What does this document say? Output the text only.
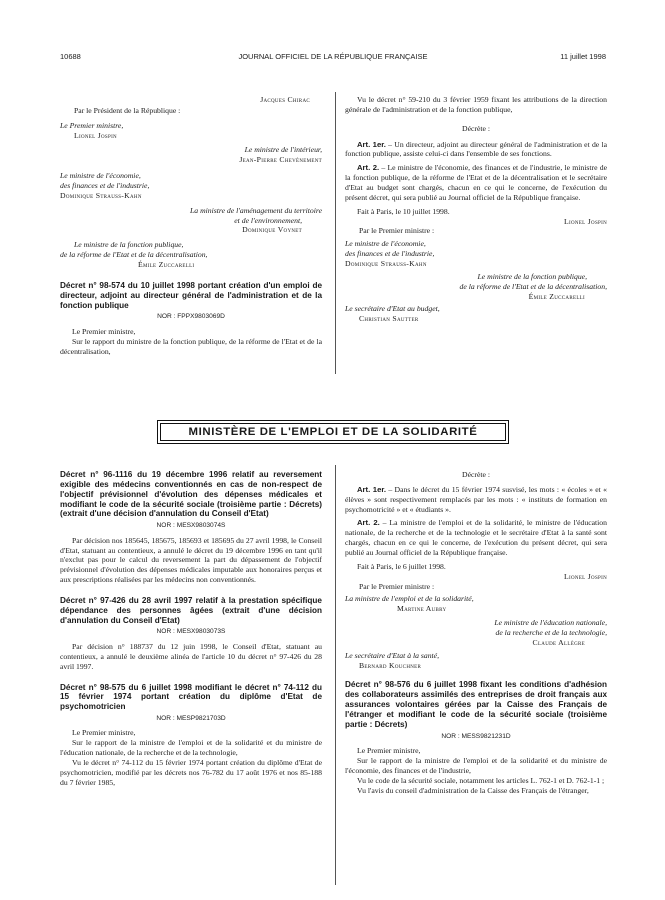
10688	JOURNAL OFFICIEL DE LA RÉPUBLIQUE FRANÇAISE	11 juillet 1998

Jacques Chirac

Par le Président de la République :

Le Premier ministre,

Lionel Jospin

Le ministre de l'intérieur,

Jean-Pierre Chevènement

Le ministre de l'économie,

des finances et de l'industrie,

Dominique Strauss-Kahn

La ministre de l'aménagement du territoire

et de l'environnement,

Dominique Voynet

Le ministre de la fonction publique,

de la réforme de l'Etat et de la décentralisation,

Émile Zuccarelli

Décret n° 98-574 du 10 juillet 1998 portant création d'un emploi de directeur, adjoint au directeur général de l'administration et de la fonction publique

NOR : FPPX9803069D

Le Premier ministre,

Sur le rapport du ministre de la fonction publique, de la réforme de l'Etat et de la décentralisation,

Vu le décret n° 59-210 du 3 février 1959 fixant les attributions de la direction générale de l'administration et de la fonction publique,

Décrète :

Art. 1er. – Un directeur, adjoint au directeur général de l'administration et de la fonction publique, assiste celui-ci dans l'ensemble de ses fonctions.

Art. 2. – Le ministre de l'économie, des finances et de l'industrie, le ministre de la fonction publique, de la réforme de l'Etat et de la décentralisation et le secrétaire d'Etat au budget sont chargés, chacun en ce qui le concerne, de l'exécution du présent décret, qui sera publié au Journal officiel de la République française.

Fait à Paris, le 10 juillet 1998.

Lionel Jospin

Par le Premier ministre :

Le ministre de l'économie,

des finances et de l'industrie,

Dominique Strauss-Kahn

Le ministre de la fonction publique,

de la réforme de l'Etat et de la décentralisation,

Émile Zuccarelli

Le secrétaire d'Etat au budget,

Christian Sautter

MINISTÈRE DE L'EMPLOI ET DE LA SOLIDARITÉ

Décret n° 96-1116 du 19 décembre 1996 relatif au reversement exigible des médecins conventionnés en cas de non-respect de l'objectif prévisionnel d'évolution des dépenses médicales et modifiant le code de la sécurité sociale (troisième partie : Décrets) (extrait d'une décision d'annulation du Conseil d'Etat)

NOR : MESX9803074S

Par décision nos 185645, 185675, 185693 et 185695 du 27 avril 1998, le Conseil d'Etat, statuant au contentieux, a annulé le décret du 19 décembre 1996 en tant qu'il n'exclut pas pour le calcul du reversement la part du dépassement de l'objectif prévisionnel d'évolution des dépenses médicales imputable aux honoraires perçus et aux prescriptions réalisées par les médecins non conventionnés.

Décret n° 97-426 du 28 avril 1997 relatif à la prestation spécifique dépendance des personnes âgées (extrait d'une décision d'annulation du Conseil d'Etat)

NOR : MESX9803073S

Par décision n° 188737 du 12 juin 1998, le Conseil d'Etat, statuant au contentieux, a annulé le deuxième alinéa de l'article 10 du décret n° 97-426 du 28 avril 1997.

Décret n° 98-575 du 6 juillet 1998 modifiant le décret n° 74-112 du 15 février 1974 portant création du diplôme d'Etat de psychomotricien

NOR : MESP9821703D

Le Premier ministre,

Sur le rapport de la ministre de l'emploi et de la solidarité et du ministre de l'éducation nationale, de la recherche et de la technologie,

Vu le décret n° 74-112 du 15 février 1974 portant création du diplôme d'Etat de psychomotricien, modifié par les décrets nos 76-782 du 17 août 1976 et nos 85-188 du 7 février 1985,

Décrète :

Art. 1er. – Dans le décret du 15 février 1974 susvisé, les mots : « écoles » et « élèves » sont respectivement remplacés par les mots : « instituts de formation en psychomotricité » et « étudiants ».

Art. 2. – La ministre de l'emploi et de la solidarité, le ministre de l'éducation nationale, de la recherche et de la technologie et le secrétaire d'Etat à la santé sont chargés, chacun en ce qui le concerne, de l'exécution du présent décret, qui sera publié au Journal officiel de la République française.

Fait à Paris, le 6 juillet 1998.

Lionel Jospin

Par le Premier ministre :

La ministre de l'emploi et de la solidarité,

Martine Aubry

Le ministre de l'éducation nationale,

de la recherche et de la technologie,

Claude Allègre

Le secrétaire d'Etat à la santé,

Bernard Kouchner

Décret n° 98-576 du 6 juillet 1998 fixant les conditions d'adhésion des collaborateurs assimilés des entreprises de droit français aux assurances volontaires gérées par la Caisse des Français de l'étranger et modifiant le code de la sécurité sociale (troisième partie : Décrets)

NOR : MESS9821231D

Le Premier ministre,

Sur le rapport de la ministre de l'emploi et de la solidarité et du ministre de l'économie, des finances et de l'industrie,

Vu le code de la sécurité sociale, notamment les articles L. 762-1 et D. 762-1-1 ;

Vu l'avis du conseil d'administration de la Caisse des Français de l'étranger,
